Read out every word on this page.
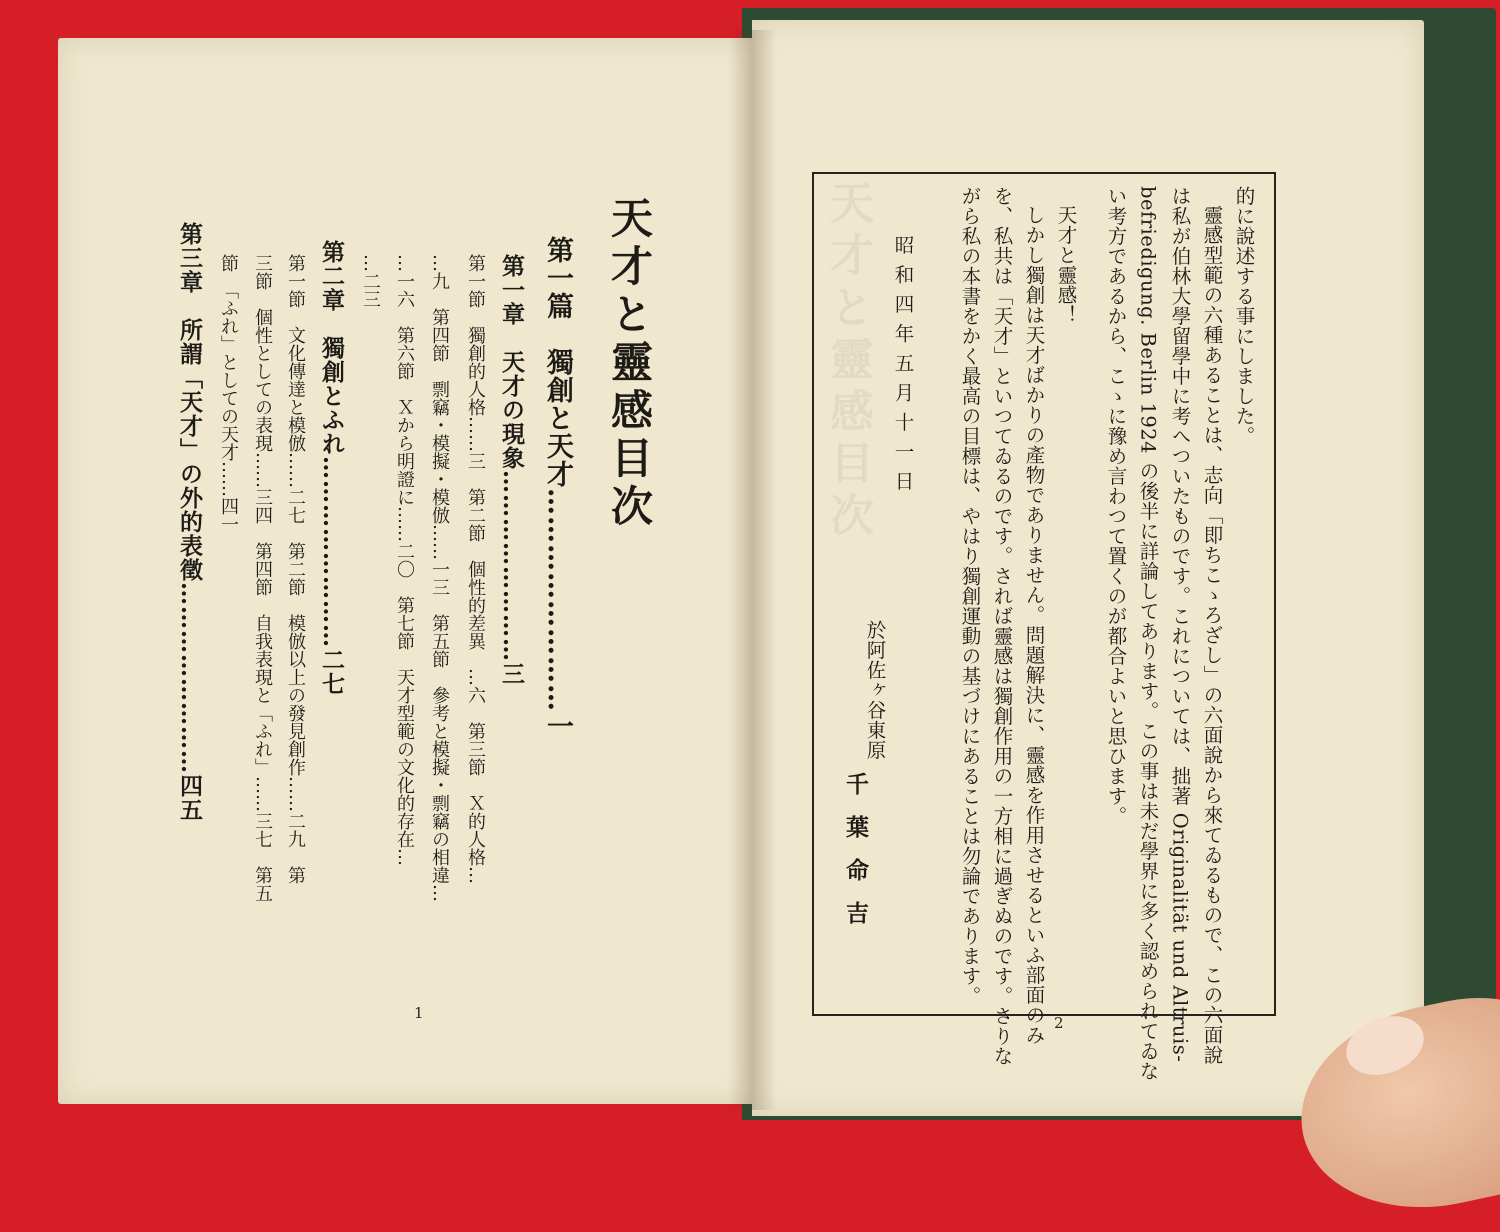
天才と靈感目次
第一篇　獨創と天才……………………一
第一章　天才の現象……………………三
第一節　獨創的人格……三　第二節　個性的差異　…六　第三節　Ｘ的人格…
…九　第四節　剽竊・模擬・模倣……一三　第五節　參考と模擬・剽竊の相違…
…一六　第六節　Ｘから明證に……二〇　第七節　天才型範の文化的存在…
…二三
第二章　獨創とふれ……………………二七
第一節　文化傳達と模倣……二七　第二節　模倣以上の發見創作……二九　第
三節　個性としての表現……三四　第四節　自我表現と「ふれ」……三七　第五
節　「ふれ」としての天才……四一
第三章　所謂「天才」の外的表徵……………………四五
1
天才と靈感目次	的に說述する事にしました。
靈感型範の六種あることは、志向「即ちこゝろざし」の六面說から來てゐるもので、この六面說
は私が伯林大學留學中に考へついたものです。これについては、拙著 Originalität und Altruis-
befriedigung. Berlin 1924 の後半に詳論してあります。この事は未だ學界に多く認められてゐな
い考方であるから、こゝに豫め言わつて置くのが都合よいと思ひます。
天才と靈感！
しかし獨創は天才ばかりの產物でありません。問題解決に、靈感を作用させるといふ部面のみ
を、私共は「天才」といつてゐるのです。されば靈感は獨創作用の一方相に過ぎぬのです。さりな
がら私の本書をかく最高の目標は、やはり獨創運動の基づけにあることは勿論であります。
昭和四年五月十一日
於阿佐ヶ谷東原
千葉命吉
2
